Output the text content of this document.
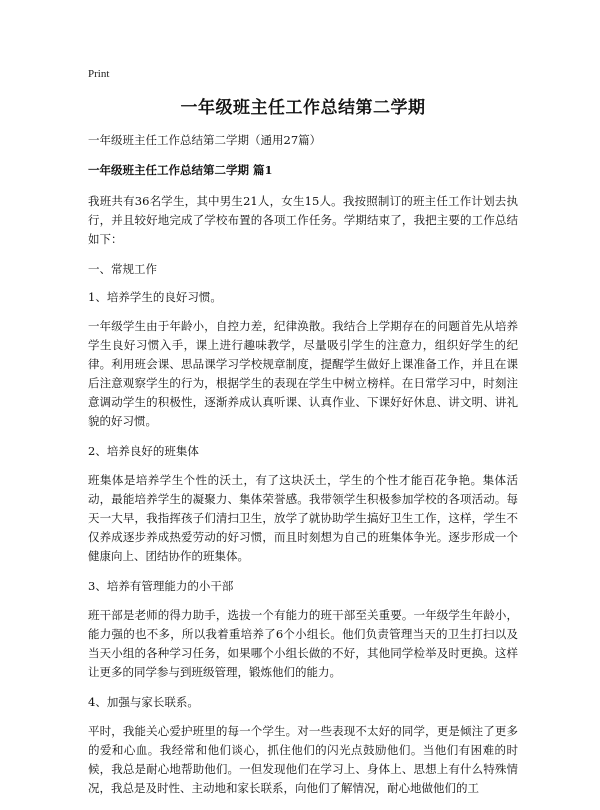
Print
一年级班主任工作总结第二学期
一年级班主任工作总结第二学期（通用27篇）
一年级班主任工作总结第二学期 篇1
我班共有36名学生，其中男生21人，女生15人。我按照制订的班主任工作计划去执行，并且较好地完成了学校布置的各项工作任务。学期结束了，我把主要的工作总结如下：
一、常规工作
1、培养学生的良好习惯。
一年级学生由于年龄小，自控力差，纪律涣散。我结合上学期存在的问题首先从培养学生良好习惯入手，课上进行趣味教学，尽量吸引学生的注意力，组织好学生的纪律。利用班会课、思品课学习学校规章制度，提醒学生做好上课准备工作，并且在课后注意观察学生的行为，根据学生的表现在学生中树立榜样。在日常学习中，时刻注意调动学生的积极性，逐渐养成认真听课、认真作业、下课好好休息、讲文明、讲礼貌的好习惯。
2、培养良好的班集体
班集体是培养学生个性的沃土，有了这块沃土，学生的个性才能百花争艳。集体活动，最能培养学生的凝聚力、集体荣誉感。我带领学生积极参加学校的各项活动。每天一大早，我指挥孩子们清扫卫生，放学了就协助学生搞好卫生工作，这样，学生不仅养成逐步养成热爱劳动的好习惯，而且时刻想为自己的班集体争光。逐步形成一个健康向上、团结协作的班集体。
3、培养有管理能力的小干部
班干部是老师的得力助手，选拔一个有能力的班干部至关重要。一年级学生年龄小，能力强的也不多，所以我着重培养了6个小组长。他们负责管理当天的卫生打扫以及当天小组的各种学习任务，如果哪个小组长做的不好，其他同学检举及时更换。这样让更多的同学参与到班级管理，锻炼他们的能力。
4、加强与家长联系。
平时，我能关心爱护班里的每一个学生。对一些表现不太好的同学，更是倾注了更多的爱和心血。我经常和他们谈心，抓住他们的闪光点鼓励他们。当他们有困难的时候，我总是耐心地帮助他们。一但发现他们在学习上、身体上、思想上有什么特殊情况，我总是及时性、主动地和家长联系，向他们了解情况，耐心地做他们的工
